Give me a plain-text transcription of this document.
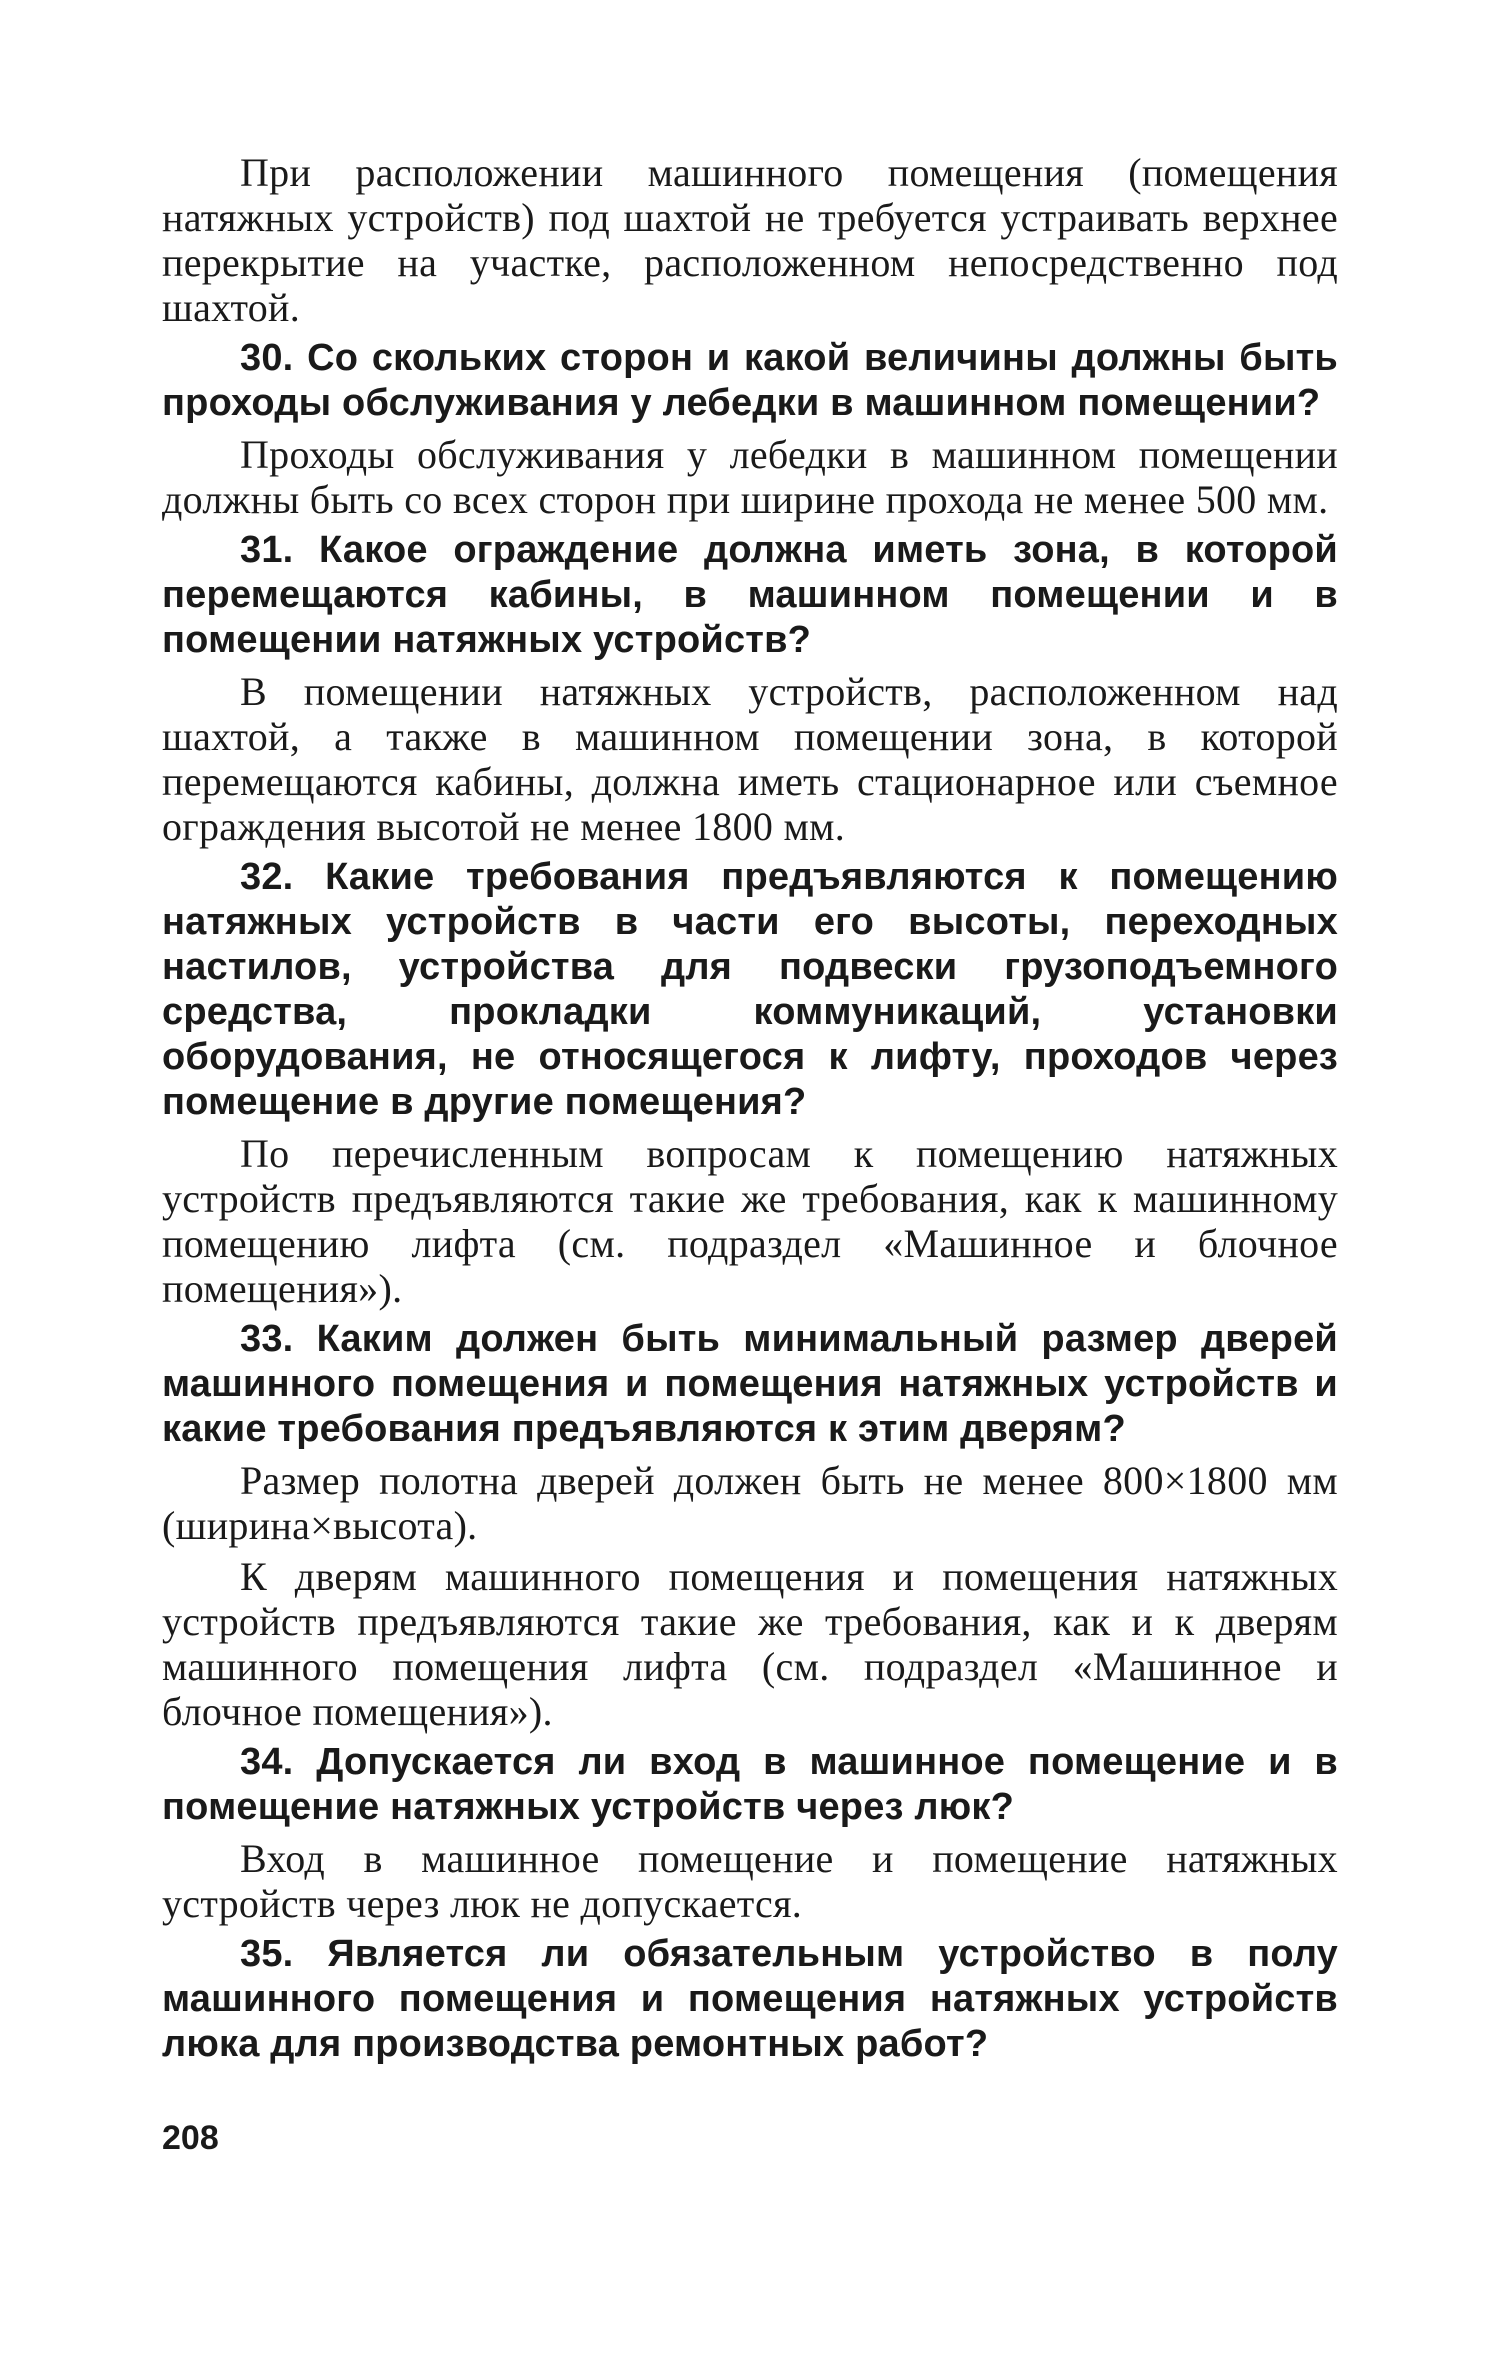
При расположении машинного помещения (помещения натяжных устройств) под шахтой не требуется устраивать верхнее перекрытие на участке, расположенном непосредственно под шахтой.

30. Со скольких сторон и какой величины должны быть проходы обслуживания у лебедки в машинном помещении?

Проходы обслуживания у лебедки в машинном помещении должны быть со всех сторон при ширине прохода не менее 500 мм.

31. Какое ограждение должна иметь зона, в которой перемещаются кабины, в машинном помещении и в помещении натяжных устройств?

В помещении натяжных устройств, расположенном над шахтой, а также в машинном помещении зона, в которой перемещаются кабины, должна иметь стационарное или съемное ограждения высотой не менее 1800 мм.

32. Какие требования предъявляются к помещению натяжных устройств в части его высоты, переходных настилов, устройства для подвески грузоподъемного средства, прокладки коммуникаций, установки оборудования, не относящегося к лифту, проходов через помещение в другие помещения?

По перечисленным вопросам к помещению натяжных устройств предъявляются такие же требования, как к машинному помещению лифта (см. подраздел «Машинное и блочное помещения»).

33. Каким должен быть минимальный размер дверей машинного помещения и помещения натяжных устройств и какие требования предъявляются к этим дверям?

Размер полотна дверей должен быть не менее 800×1800 мм (ширина×высота).

К дверям машинного помещения и помещения натяжных устройств предъявляются такие же требования, как и к дверям машинного помещения лифта (см. подраздел «Машинное и блочное помещения»).

34. Допускается ли вход в машинное помещение и в помещение натяжных устройств через люк?

Вход в машинное помещение и помещение натяжных устройств через люк не допускается.

35. Является ли обязательным устройство в полу машинного помещения и помещения натяжных устройств люка для производства ремонтных работ?

208
